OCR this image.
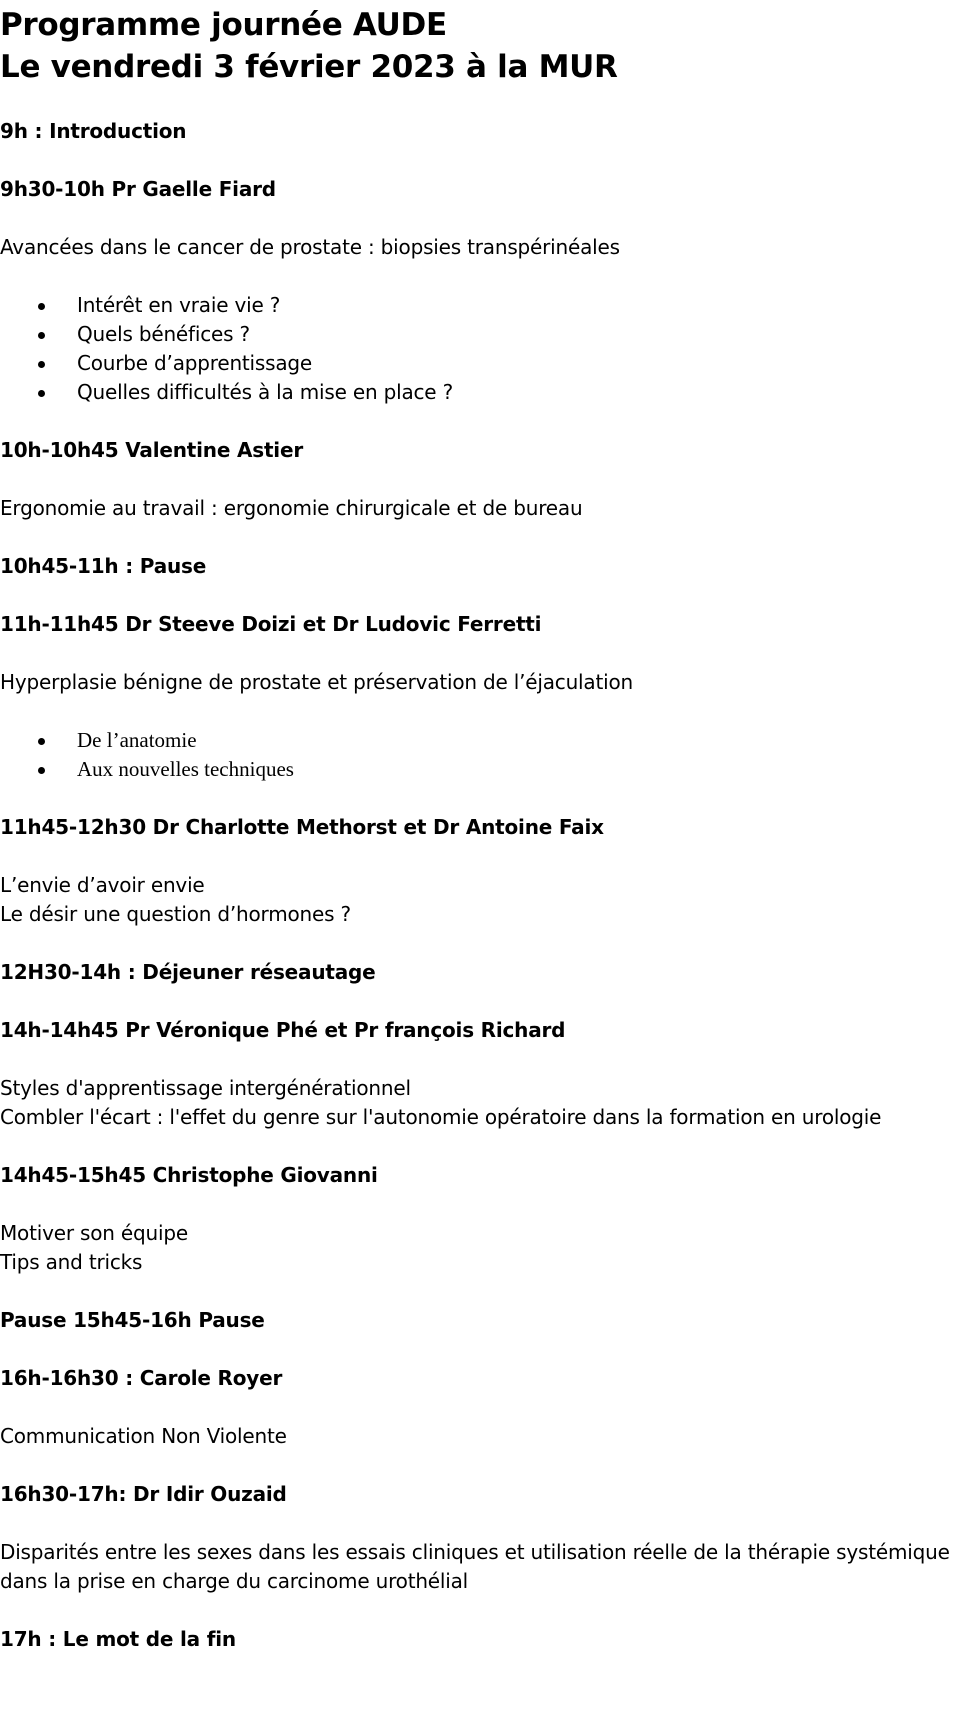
Programme journée AUDE
Le vendredi 3 février 2023 à la MUR

9h : Introduction

9h30-10h Pr Gaelle Fiard

Avancées dans le cancer de prostate : biopsies transpérinéales

Intérêt en vraie vie ?
Quels bénéfices ?
Courbe d’apprentissage
Quelles difficultés à la mise en place ?

10h-10h45 Valentine Astier

Ergonomie au travail : ergonomie chirurgicale et de bureau

10h45-11h : Pause

11h-11h45 Dr Steeve Doizi et Dr Ludovic Ferretti

Hyperplasie bénigne de prostate et préservation de l’éjaculation

De l’anatomie
Aux nouvelles techniques

11h45-12h30 Dr Charlotte Methorst et Dr Antoine Faix

L’envie d’avoir envie

Le désir une question d’hormones ?

12H30-14h : Déjeuner réseautage

14h-14h45 Pr Véronique Phé et Pr françois Richard

Styles d'apprentissage intergénérationnel

Combler l'écart : l'effet du genre sur l'autonomie opératoire dans la formation en urologie

14h45-15h45 Christophe Giovanni

Motiver son équipe

Tips and tricks

Pause 15h45-16h Pause

16h-16h30 : Carole Royer

Communication Non Violente

16h30-17h: Dr Idir Ouzaid

Disparités entre les sexes dans les essais cliniques et utilisation réelle de la thérapie systémique dans la prise en charge du carcinome urothélial

17h : Le mot de la fin
